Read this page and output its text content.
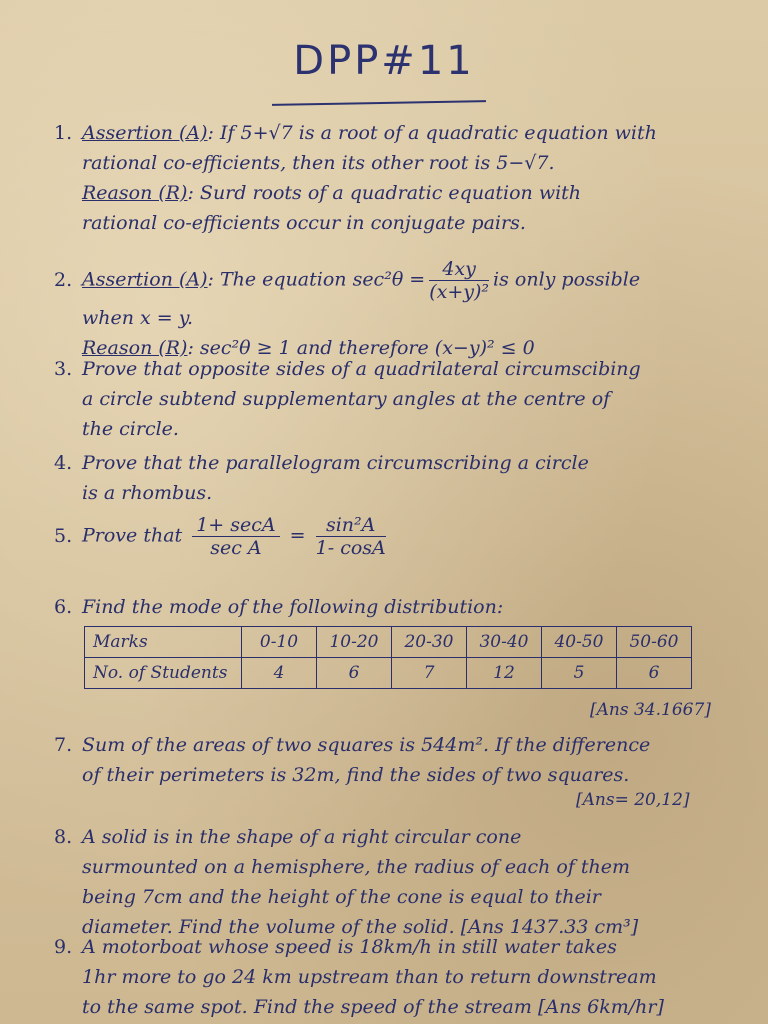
DPP#11
1. Assertion (A): If 5+√7 is a root of a quadratic equation with
rational co-efficients, then its other root is 5−√7.
Reason (R): Surd roots of a quadratic equation with
rational co-efficients occur in conjugate pairs.
2. Assertion (A): The equation $\sec^2\theta = \frac{4xy}{\text{(x+y)²}}$ is only possible
when x = y.
Reason (R): sec²θ ≥ 1 and therefore (x−y)² ≤ 0
3. Prove that opposite sides of a quadrilateral circumscibing
a circle subtend supplementary angles at the centre of
the circle.
4. Prove that the parallelogram circumscribing a circle
is a rhombus.
5. Prove that $\frac{1+ \sec A}{\text{sec A}} = \frac{\text{sin²A}}{1- \cos A}$
6. Find the mode of the following distribution:
Marks	0-10	10-20	20-30	30-40	40-50	50-60
No. of Students	4	6	7	12	5	6
[Ans 34.1667]
7. Sum of the areas of two squares is 544m². If the difference
of their perimeters is 32m, find the sides of two squares.
[Ans= 20,12]
8. A solid is in the shape of a right circular cone
surmounted on a hemisphere, the radius of each of them
being 7cm and the height of the cone is equal to their
diameter. Find the volume of the solid. [Ans 1437.33 cm³]
9. A motorboat whose speed is 18km/h in still water takes
1hr more to go 24 km upstream than to return downstream
to the same spot. Find the speed of the stream [Ans 6km/hr]
